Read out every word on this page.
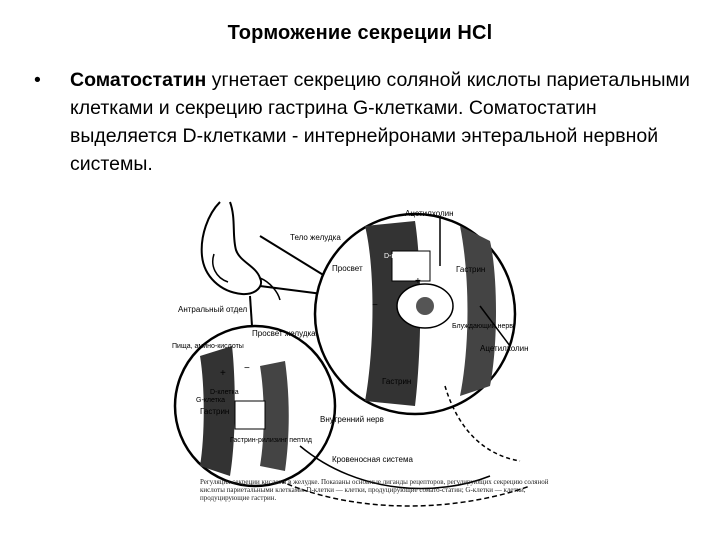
Торможение секреции HCl
• Соматостатин угнетает секрецию соляной кислоты париетальными клетками и секрецию гастрина G-клетками. Соматостатин выделяется D-клетками - интернейронами энтеральной нервной системы.
Ацетилхолин
Тело желудка
D-клетка
Просвет	Гастрин
Блуждающий нерв
Антральный отдел
Просвет желудка
Пища, амино-кислоты
D-клетка
G-клетка
Гастрин
Ацетилхолин
Гастрин
Внутренний нерв
Гастрин-рилизинг пептид
Кровеносная система
+
−
+ −
Регуляция секреции кислоты в желудке. Показаны основные лиганды рецепторов, регулирующих секрецию соляной кислоты париетальными клетками. D-клетки — клетки, продуцирующие сомато-статин; G-клетки — клетки, продуцирующие гастрин.
